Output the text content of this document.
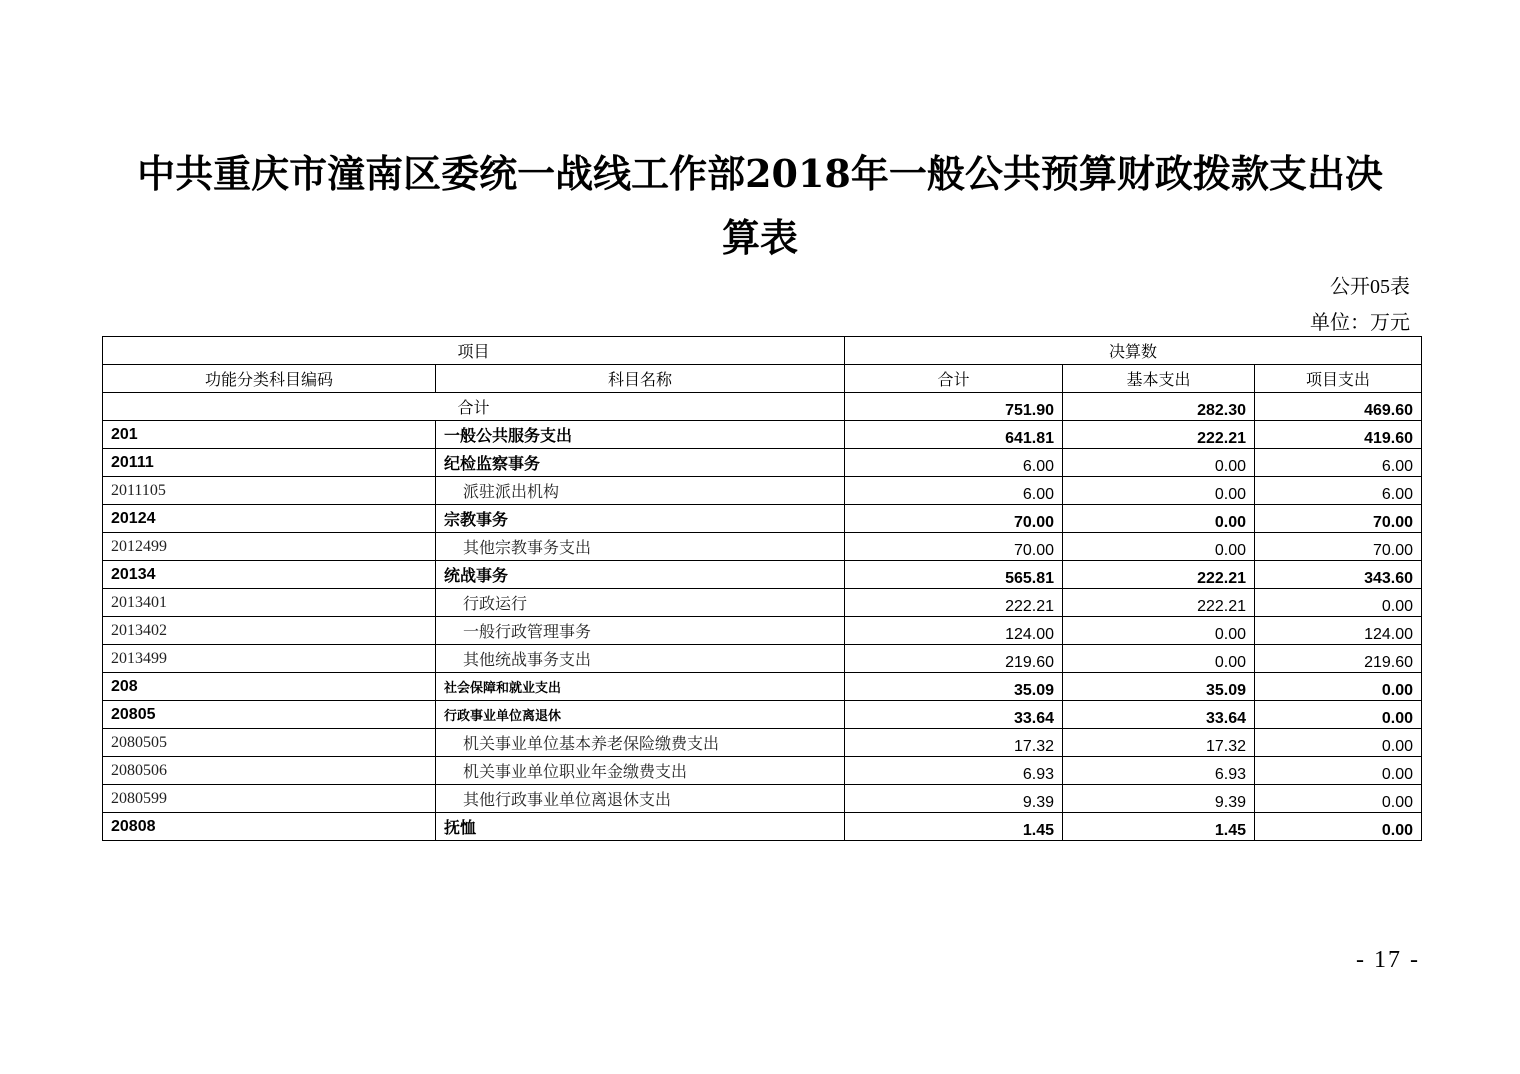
中共重庆市潼南区委统一战线工作部2018年一般公共预算财政拨款支出决
算表
公开05表
单位：万元
项目		决算数		
功能分类科目编码	科目名称	合计	基本支出	项目支出
合计		751.90	282.30	469.60
201	一般公共服务支出	641.81	222.21	419.60
20111	纪检监察事务	6.00	0.00	6.00
2011105	派驻派出机构	6.00	0.00	6.00
20124	宗教事务	70.00	0.00	70.00
2012499	其他宗教事务支出	70.00	0.00	70.00
20134	统战事务	565.81	222.21	343.60
2013401	行政运行	222.21	222.21	0.00
2013402	一般行政管理事务	124.00	0.00	124.00
2013499	其他统战事务支出	219.60	0.00	219.60
208	社会保障和就业支出	35.09	35.09	0.00
20805	行政事业单位离退休	33.64	33.64	0.00
2080505	机关事业单位基本养老保险缴费支出	17.32	17.32	0.00
2080506	机关事业单位职业年金缴费支出	6.93	6.93	0.00
2080599	其他行政事业单位离退休支出	9.39	9.39	0.00
20808	抚恤	1.45	1.45	0.00
- 17 -
